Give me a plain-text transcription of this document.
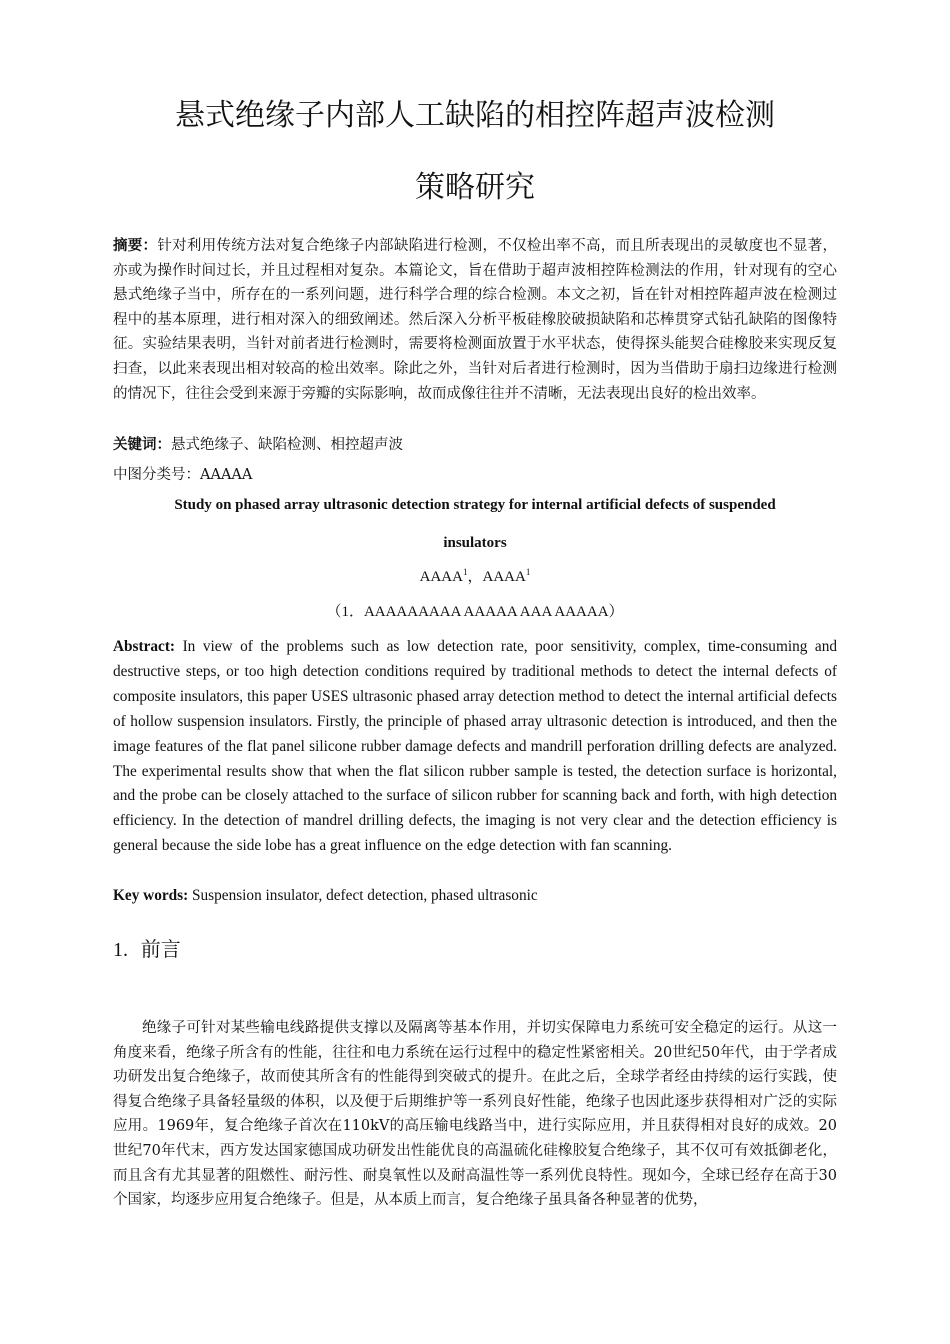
悬式绝缘子内部人工缺陷的相控阵超声波检测
策略研究
摘要：针对利用传统方法对复合绝缘子内部缺陷进行检测，不仅检出率不高，而且所表现出的灵敏度也不显著，亦或为操作时间过长，并且过程相对复杂。本篇论文，旨在借助于超声波相控阵检测法的作用，针对现有的空心悬式绝缘子当中，所存在的一系列问题，进行科学合理的综合检测。本文之初，旨在针对相控阵超声波在检测过程中的基本原理，进行相对深入的细致阐述。然后深入分析平板硅橡胶破损缺陷和芯棒贯穿式钻孔缺陷的图像特征。实验结果表明，当针对前者进行检测时，需要将检测面放置于水平状态，使得探头能契合硅橡胶来实现反复扫查，以此来表现出相对较高的检出效率。除此之外，当针对后者进行检测时，因为当借助于扇扫边缘进行检测的情况下，往往会受到来源于旁瓣的实际影响，故而成像往往并不清晰，无法表现出良好的检出效率。
关键词：悬式绝缘子、缺陷检测、相控超声波
中图分类号：AAAAA
Study on phased array ultrasonic detection strategy for internal artificial defects of suspended
insulators
AAAA$^1$，AAAA$^1$
（1．AAAAAAAAA AAAAA AAA AAAAA）
Abstract: In view of the problems such as low detection rate, poor sensitivity, complex, time-consuming and destructive steps, or too high detection conditions required by traditional methods to detect the internal defects of composite insulators, this paper USES ultrasonic phased array detection method to detect the internal artificial defects of hollow suspension insulators. Firstly, the principle of phased array ultrasonic detection is introduced, and then the image features of the flat panel silicone rubber damage defects and mandrill perforation drilling defects are analyzed. The experimental results show that when the flat silicon rubber sample is tested, the detection surface is horizontal, and the probe can be closely attached to the surface of silicon rubber for scanning back and forth, with high detection efficiency. In the detection of mandrel drilling defects, the imaging is not very clear and the detection efficiency is general because the side lobe has a great influence on the edge detection with fan scanning.
Key words: Suspension insulator, defect detection, phased ultrasonic
1. 前言

绝缘子可针对某些输电线路提供支撑以及隔离等基本作用，并切实保障电力系统可安全稳定的运行。从这一角度来看，绝缘子所含有的性能，往往和电力系统在运行过程中的稳定性紧密相关。20世纪50年代，由于学者成功研发出复合绝缘子，故而使其所含有的性能得到突破式的提升。在此之后，全球学者经由持续的运行实践，使得复合绝缘子具备轻量级的体积，以及便于后期维护等一系列良好性能，绝缘子也因此逐步获得相对广泛的实际应用。1969年，复合绝缘子首次在110kV的高压输电线路当中，进行实际应用，并且获得相对良好的成效。20世纪70年代末，西方发达国家德国成功研发出性能优良的高温硫化硅橡胶复合绝缘子，其不仅可有效抵御老化，而且含有尤其显著的阻燃性、耐污性、耐臭氧性以及耐高温性等一系列优良特性。现如今，全球已经存在高于30个国家，均逐步应用复合绝缘子。但是，从本质上而言，复合绝缘子虽具备各种显著的优势，
